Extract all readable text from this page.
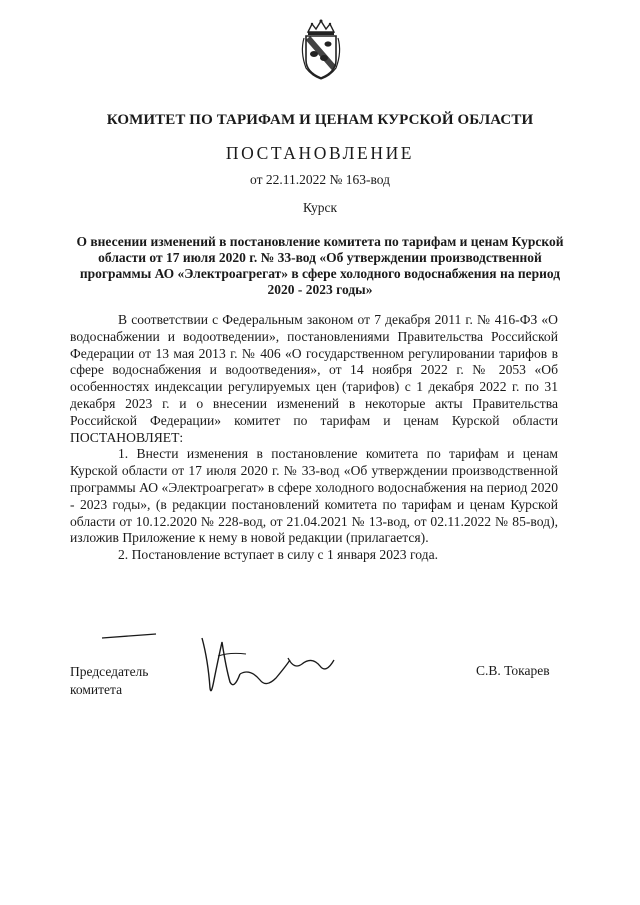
КОМИТЕТ ПО ТАРИФАМ И ЦЕНАМ КУРСКОЙ ОБЛАСТИ
ПОСТАНОВЛЕНИЕ
от 22.11.2022 № 163-вод
Курск
О внесении изменений в постановление комитета по тарифам и ценам Курской области от 17 июля 2020 г. № 33-вод «Об утверждении производственной программы АО «Электроагрегат» в сфере холодного водоснабжения на период 2020 - 2023 годы»

В соответствии с Федеральным законом от 7 декабря 2011 г. № 416-ФЗ «О водоснабжении и водоотведении», постановлениями Правительства Российской Федерации от 13 мая 2013 г. № 406 «О государственном регулировании тарифов в сфере водоснабжения и водоотведения», от 14 ноября 2022 г. № 2053 «Об особенностях индексации регулируемых цен (тарифов) с 1 декабря 2022 г. по 31 декабря 2023 г. и о внесении изменений в некоторые акты Правительства Российской Федерации» комитет по тарифам и ценам Курской области ПОСТАНОВЛЯЕТ:

1. Внести изменения в постановление комитета по тарифам и ценам Курской области от 17 июля 2020 г. № 33-вод «Об утверждении производственной программы АО «Электроагрегат» в сфере холодного водоснабжения на период 2020 - 2023 годы», (в редакции постановлений комитета по тарифам и ценам Курской области от 10.12.2020 № 228-вод, от 21.04.2021 № 13-вод, от 02.11.2022 № 85-вод), изложив Приложение к нему в новой редакции (прилагается).

2. Постановление вступает в силу с 1 января 2023 года.

Председатель
комитета
С.В. Токарев
